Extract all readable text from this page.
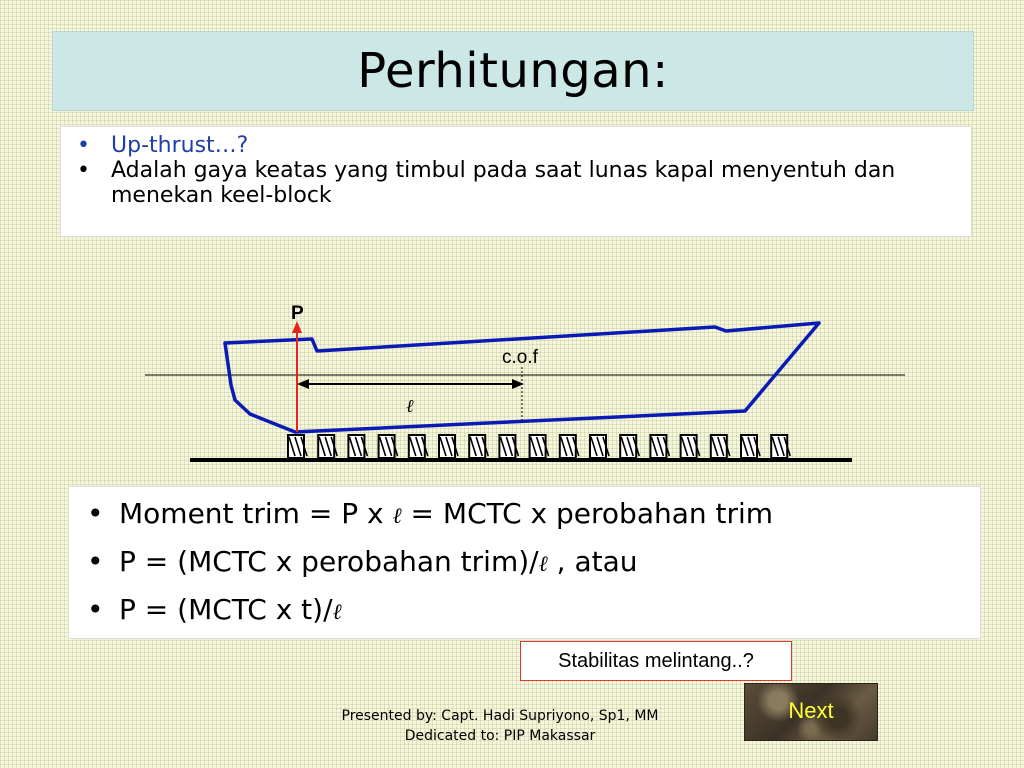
Perhitungan:
• Up-thrust…?
• Adalah gaya keatas yang timbul pada saat lunas kapal menyentuh dan menekan keel-block
c.o.f
ℓ
P
• Moment trim = P x ℓ = MCTC x perobahan trim
• P = (MCTC x perobahan trim)/ℓ , atau
• P = (MCTC x t)/ℓ
Stabilitas melintang..?
Next
Presented by: Capt. Hadi Supriyono, Sp1, MM
Dedicated to: PIP Makassar
